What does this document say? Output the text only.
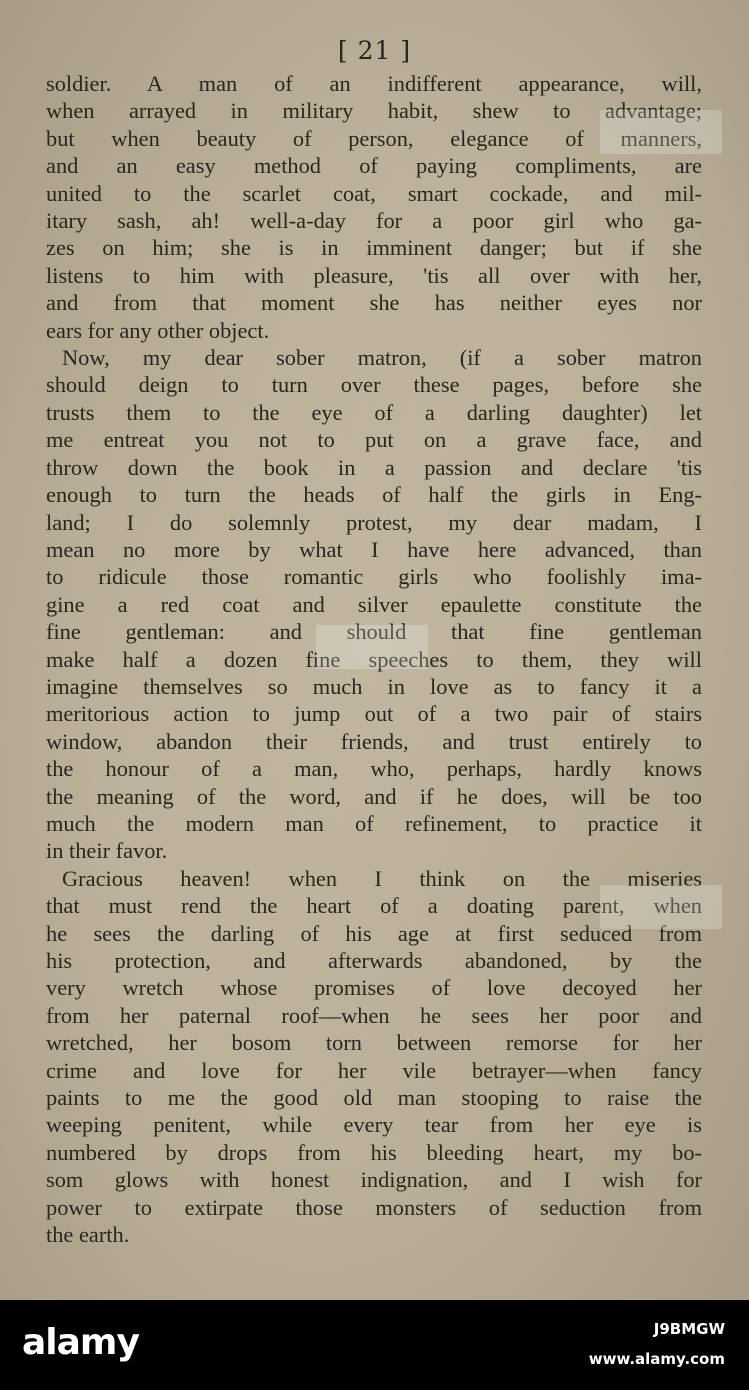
[ 21 ]

soldier. A man of an indifferent appearance, will,
when arrayed in military habit, shew to advantage;
but when beauty of person, elegance of manners,
and an easy method of paying compliments, are
united to the scarlet coat, smart cockade, and mil-
itary sash, ah! well-a-day for a poor girl who ga-
zes on him; she is in imminent danger; but if she
listens to him with pleasure, 'tis all over with her,
and from that moment she has neither eyes nor
ears for any other object.

Now, my dear sober matron, (if a sober matron
should deign to turn over these pages, before she
trusts them to the eye of a darling daughter) let
me entreat you not to put on a grave face, and
throw down the book in a passion and declare 'tis
enough to turn the heads of half the girls in Eng-
land; I do solemnly protest, my dear madam, I
mean no more by what I have here advanced, than
to ridicule those romantic girls who foolishly ima-
gine a red coat and silver epaulette constitute the
fine gentleman: and should that fine gentleman
make half a dozen fine speeches to them, they will
imagine themselves so much in love as to fancy it a
meritorious action to jump out of a two pair of stairs
window, abandon their friends, and trust entirely to
the honour of a man, who, perhaps, hardly knows
the meaning of the word, and if he does, will be too
much the modern man of refinement, to practice it
in their favor.

Gracious heaven! when I think on the miseries
that must rend the heart of a doating parent, when
he sees the darling of his age at first seduced from
his protection, and afterwards abandoned, by the
very wretch whose promises of love decoyed her
from her paternal roof—when he sees her poor and
wretched, her bosom torn between remorse for her
crime and love for her vile betrayer—when fancy
paints to me the good old man stooping to raise the
weeping penitent, while every tear from her eye is
numbered by drops from his bleeding heart, my bo-
som glows with honest indignation, and I wish for
power to extirpate those monsters of seduction from
the earth.

alamy	J9BMGW
www.alamy.com
